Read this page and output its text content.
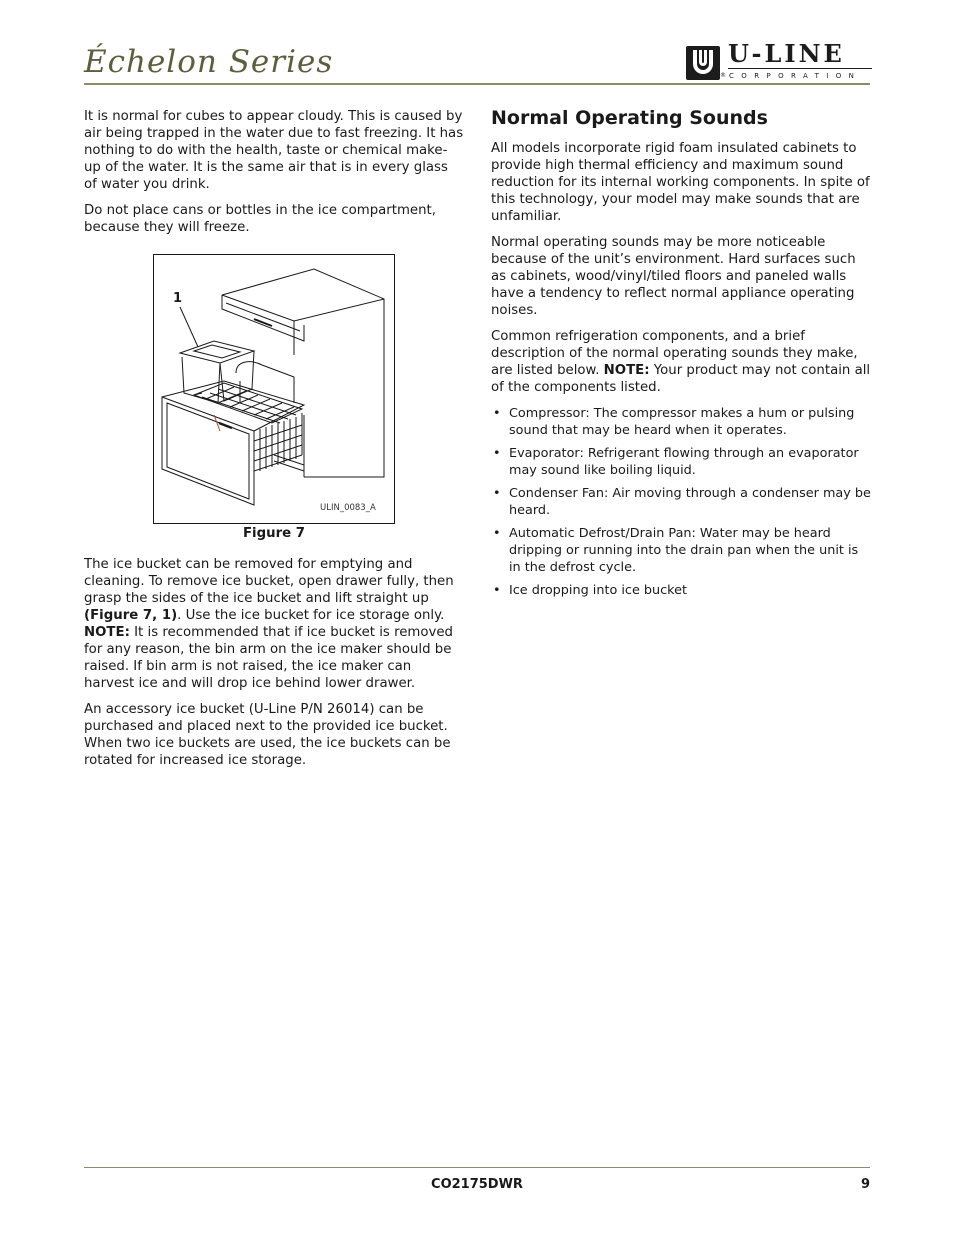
Échelon Series	®
U-LINE
CORPORATION

It is normal for cubes to appear cloudy. This is caused by air being trapped in the water due to fast freezing. It has nothing to do with the health, taste or chemical make-up of the water. It is the same air that is in every glass of water you drink.

Do not place cans or bottles in the ice compartment, because they will freeze.

1
ULIN_0083_A
Figure 7

The ice bucket can be removed for emptying and cleaning. To remove ice bucket, open drawer fully, then grasp the sides of the ice bucket and lift straight up (Figure 7, 1). Use the ice bucket for ice storage only. NOTE: It is recommended that if ice bucket is removed for any reason, the bin arm on the ice maker should be raised. If bin arm is not raised, the ice maker can harvest ice and will drop ice behind lower drawer.

An accessory ice bucket (U-Line P/N 26014) can be purchased and placed next to the provided ice bucket. When two ice buckets are used, the ice buckets can be rotated for increased ice storage.

Normal Operating Sounds

All models incorporate rigid foam insulated cabinets to provide high thermal efficiency and maximum sound reduction for its internal working components. In spite of this technology, your model may make sounds that are unfamiliar.

Normal operating sounds may be more noticeable because of the unit’s environment. Hard surfaces such as cabinets, wood/vinyl/tiled floors and paneled walls have a tendency to reflect normal appliance operating noises.

Common refrigeration components, and a brief description of the normal operating sounds they make, are listed below. NOTE: Your product may not contain all of the components listed.

• Compressor: The compressor makes a hum or pulsing sound that may be heard when it operates.
• Evaporator: Refrigerant flowing through an evaporator may sound like boiling liquid.
• Condenser Fan: Air moving through a condenser may be heard.
• Automatic Defrost/Drain Pan: Water may be heard dripping or running into the drain pan when the unit is in the defrost cycle.
• Ice dropping into ice bucket
CO2175DWR	9
